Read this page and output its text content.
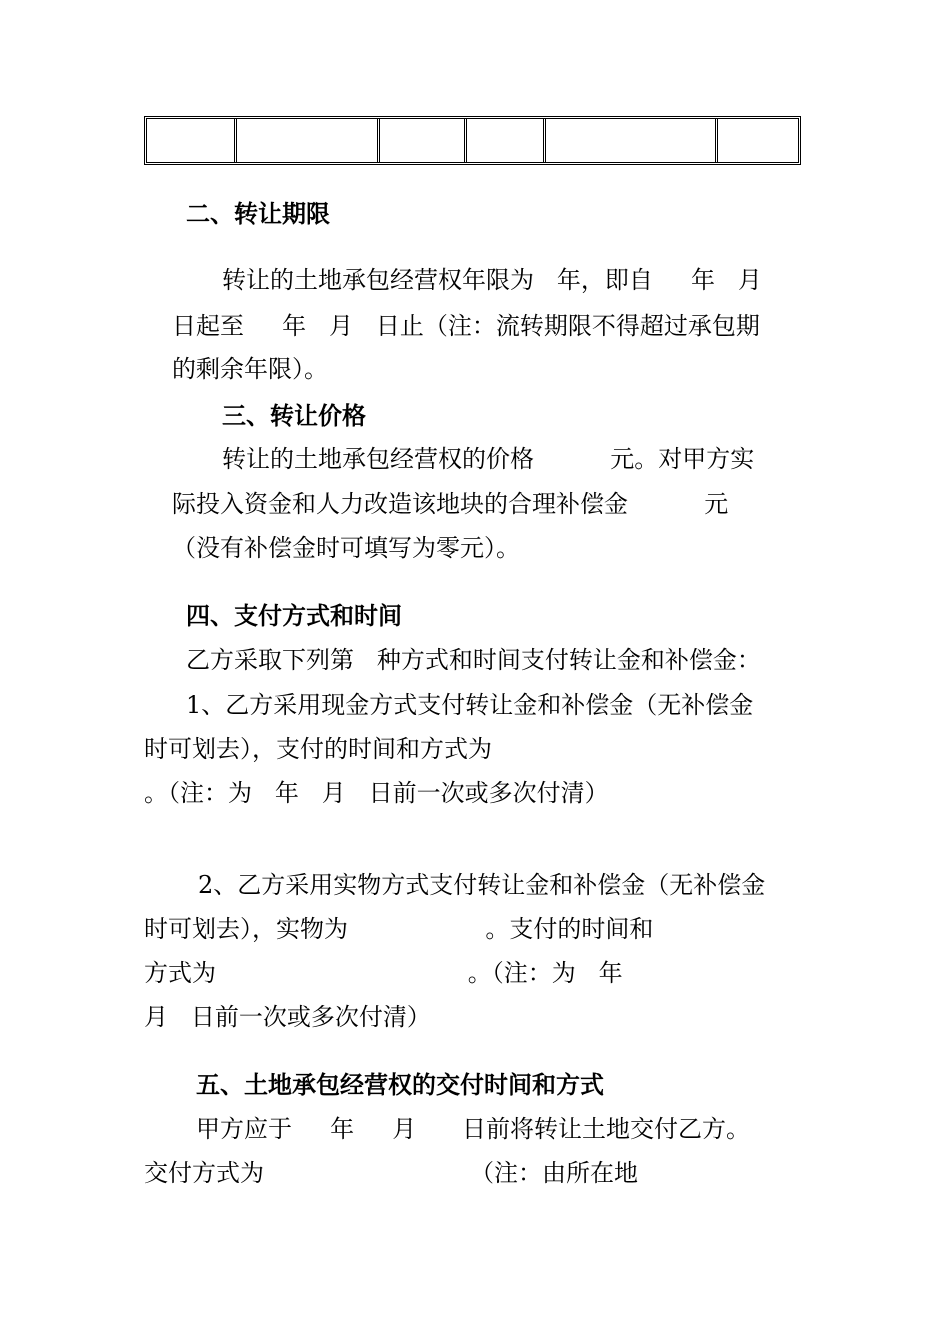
二、转让期限
转让的土地承包经营权年限为   年，即自     年   月
日起至     年   月   日止（注：流转期限不得超过承包期
的剩余年限）。
三、转让价格
转让的土地承包经营权的价格          元。对甲方实
际投入资金和人力改造该地块的合理补偿金          元
（没有补偿金时可填写为零元）。
四、支付方式和时间
乙方采取下列第   种方式和时间支付转让金和补偿金：
1、乙方采用现金方式支付转让金和补偿金（无补偿金
时可划去），支付的时间和方式为
。（注：为   年   月   日前一次或多次付清）
2、乙方采用实物方式支付转让金和补偿金（无补偿金
时可划去），实物为                  。支付的时间和
方式为                                 。（注：为   年
月   日前一次或多次付清）
五、土地承包经营权的交付时间和方式
甲方应于     年     月      日前将转让土地交付乙方。
交付方式为                           （注：由所在地
